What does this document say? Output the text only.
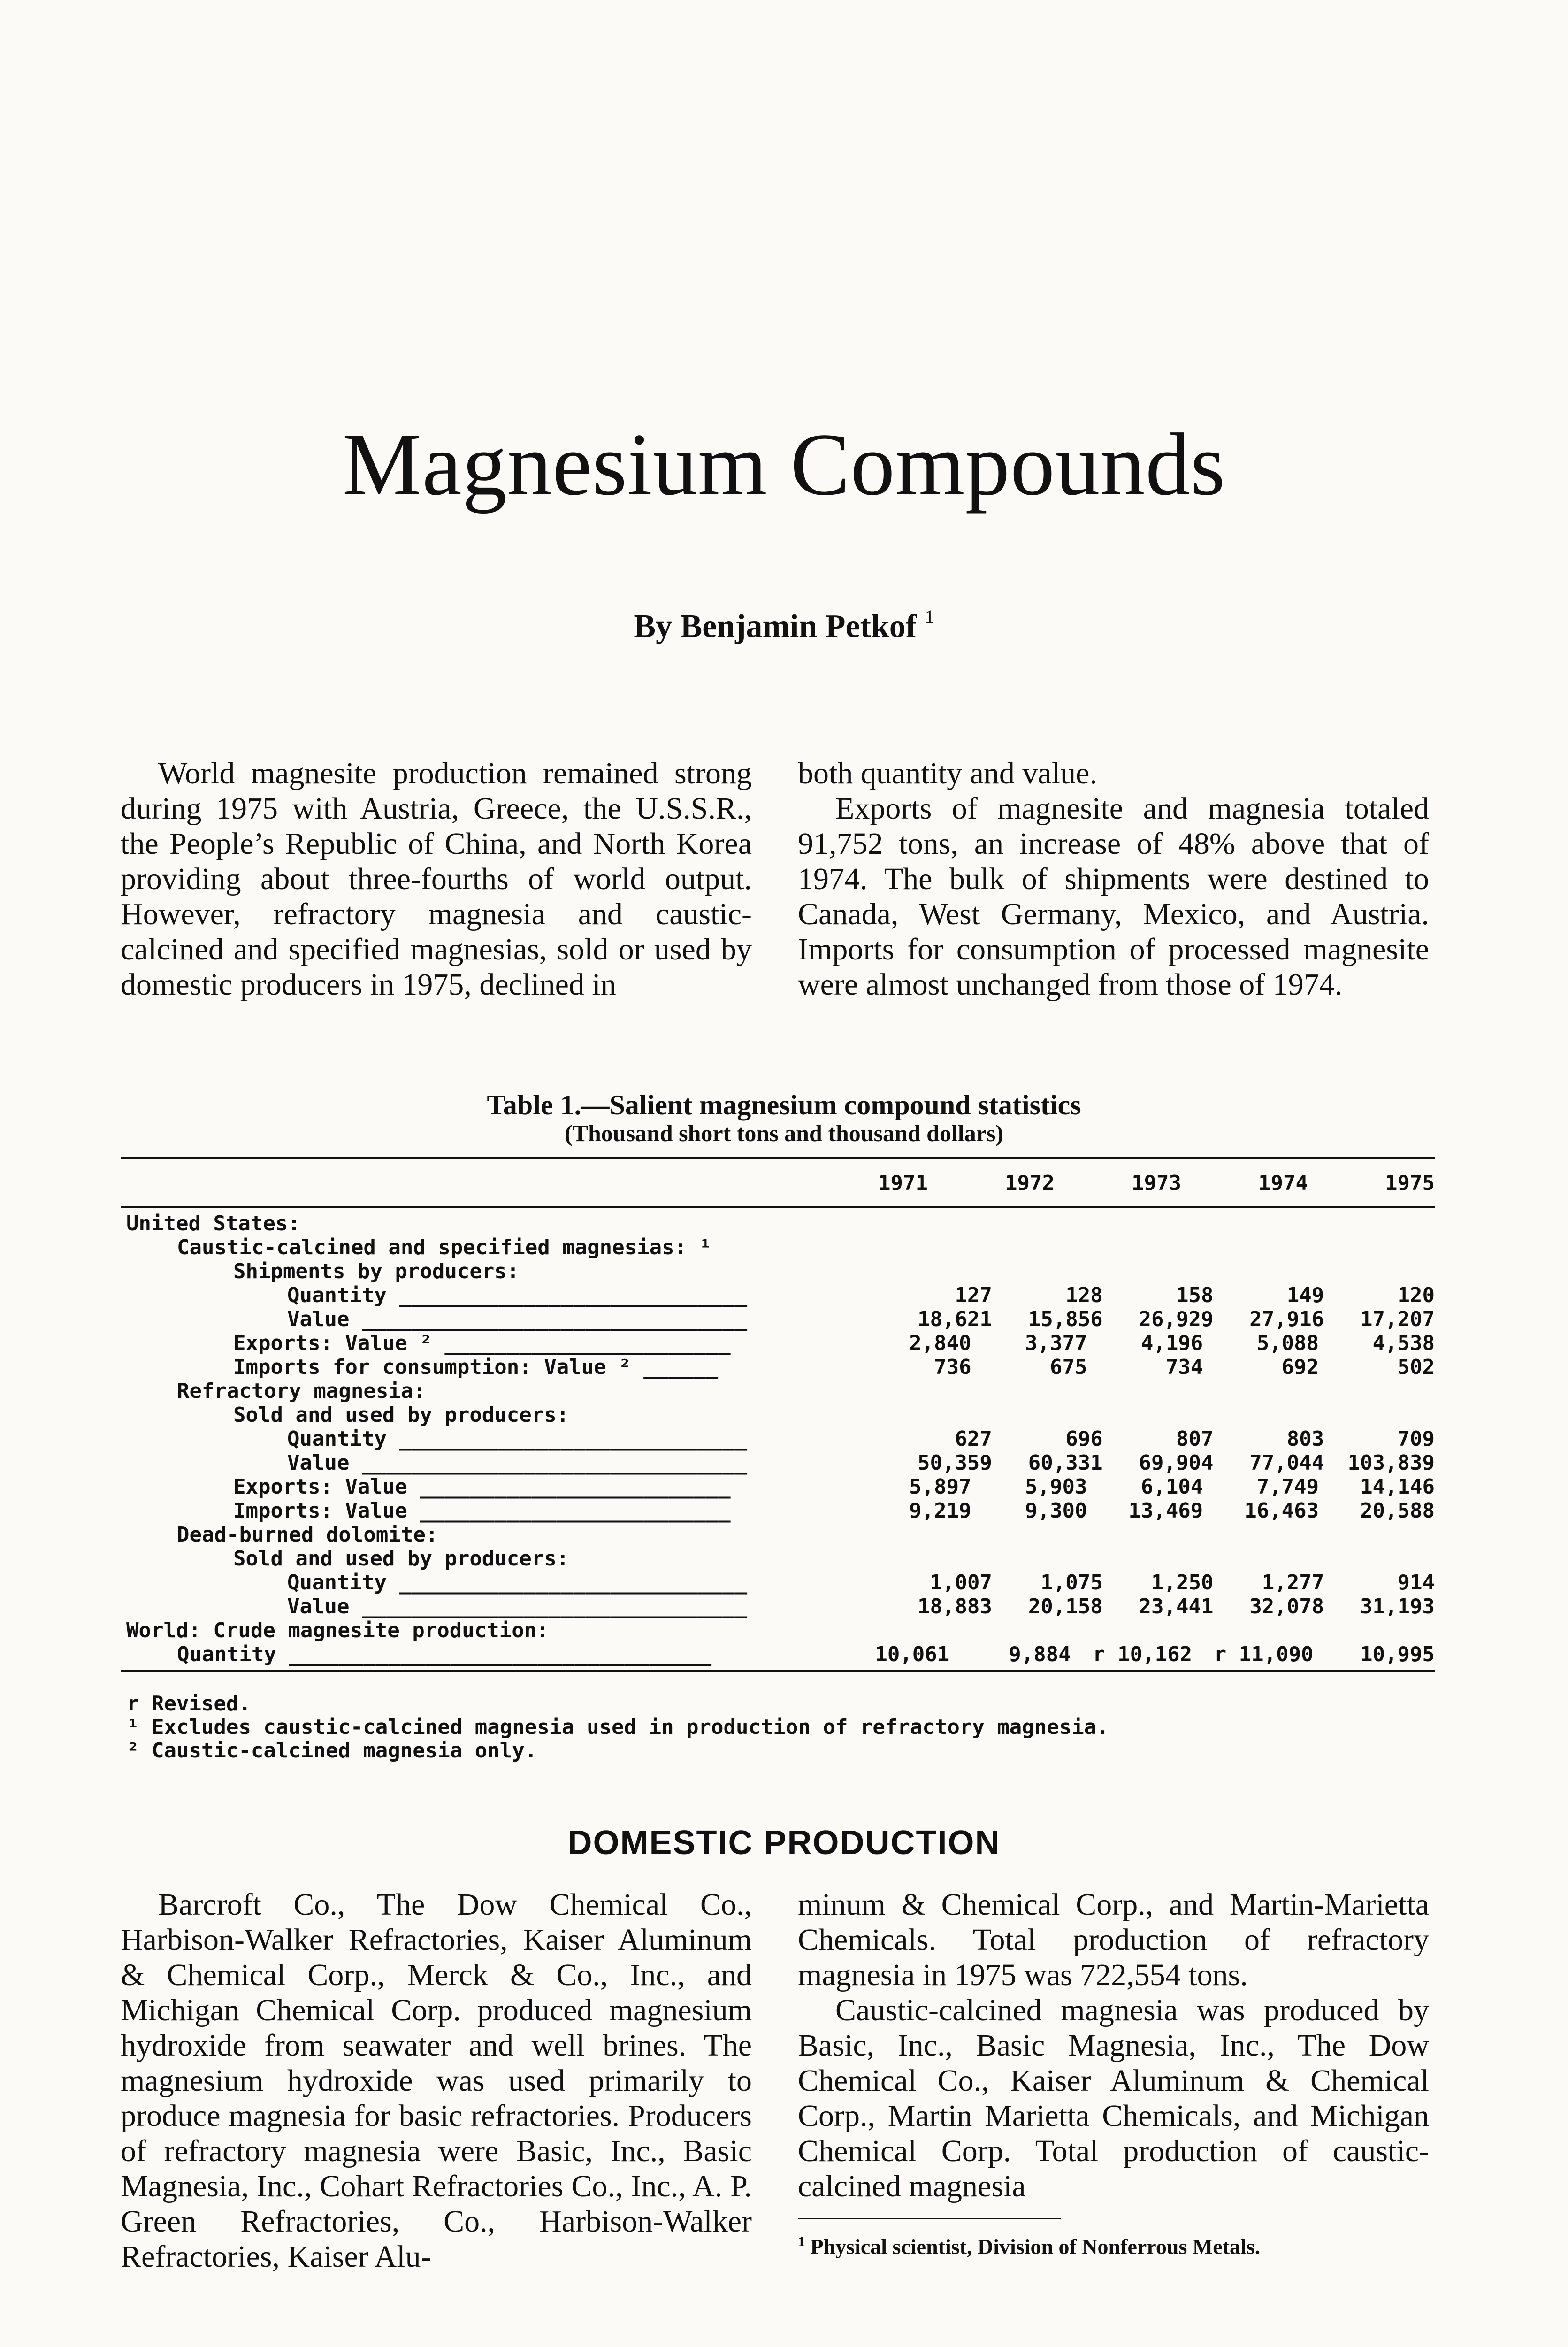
Magnesium Compounds
By Benjamin Petkof $^1$

World magnesite production remained strong during 1975 with Austria, Greece, the U.S.S.R., the People’s Republic of China, and North Korea providing about three-fourths of world output. However, refractory magnesia and caustic-calcined and specified magnesias, sold or used by domestic producers in 1975, declined in

both quantity and value.

Exports of magnesite and magnesia totaled 91,752 tons, an increase of 48% above that of 1974. The bulk of shipments were destined to Canada, West Germany, Mexico, and Austria. Imports for consumption of processed magnesite were almost unchanged from those of 1974.

Table 1.—Salient magnesium compound statistics
(Thousand short tons and thousand dollars)
1971	1972	1973	1974	1975
United States:
Caustic-calcined and specified magnesias: ¹
Shipments by producers:
Quantity ____________________________	127	128	158	149	120
Value _______________________________	18,621	15,856	26,929	27,916	17,207
Exports: Value ² _______________________	2,840	3,377	4,196	5,088	4,538
Imports for consumption: Value ² ______	736	675	734	692	502
Refractory magnesia:
Sold and used by producers:
Quantity ____________________________	627	696	807	803	709
Value _______________________________	50,359	60,331	69,904	77,044	103,839
Exports: Value _________________________	5,897	5,903	6,104	7,749	14,146
Imports: Value _________________________	9,219	9,300	13,469	16,463	20,588
Dead-burned dolomite:
Sold and used by producers:
Quantity ____________________________	1,007	1,075	1,250	1,277	914
Value _______________________________	18,883	20,158	23,441	32,078	31,193
World: Crude magnesite production:
Quantity __________________________________	10,061	9,884	r 10,162	r 11,090	10,995
r Revised.
¹ Excludes caustic-calcined magnesia used in production of refractory magnesia.
² Caustic-calcined magnesia only.
DOMESTIC PRODUCTION

Barcroft Co., The Dow Chemical Co., Harbison-Walker Refractories, Kaiser Aluminum & Chemical Corp., Merck & Co., Inc., and Michigan Chemical Corp. produced magnesium hydroxide from seawater and well brines. The magnesium hydroxide was used primarily to produce magnesia for basic refractories. Producers of refractory magnesia were Basic, Inc., Basic Magnesia, Inc., Cohart Refractories Co., Inc., A. P. Green Refractories, Co., Harbison-Walker Refractories, Kaiser Alu-

minum & Chemical Corp., and Martin-Marietta Chemicals. Total production of refractory magnesia in 1975 was 722,554 tons.

Caustic-calcined magnesia was produced by Basic, Inc., Basic Magnesia, Inc., The Dow Chemical Co., Kaiser Aluminum & Chemical Corp., Martin Marietta Chemicals, and Michigan Chemical Corp. Total production of caustic-calcined magnesia

$^1$ Physical scientist, Division of Nonferrous Metals.
